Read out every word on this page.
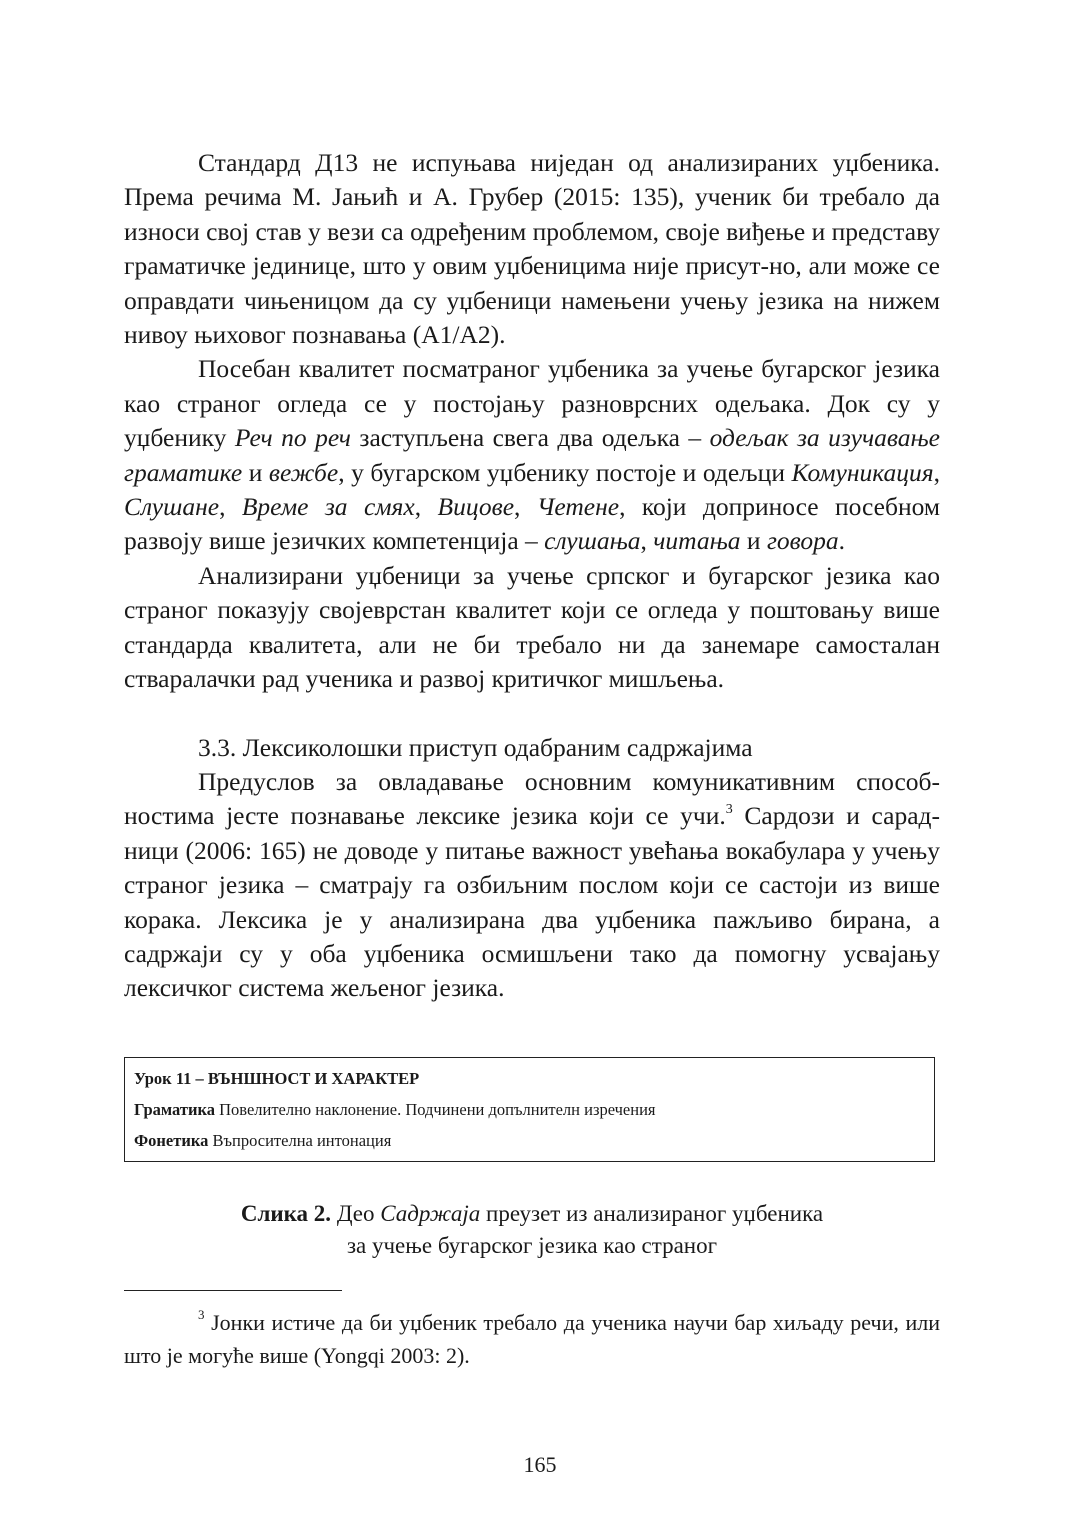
Стандард Д13 не испуњава ниједан од анализираних уџбеника. Према речима М. Јањић и А. Грубер (2015: 135), ученик би требало да износи свој став у вези са одређеним проблемом, своје виђење и представу граматичке јединице, што у овим уџбеницима није присут-но, али може се оправдати чињеницом да су уџбеници намењени учењу језика на нижем нивоу њиховог познавања (А1/А2).

Посебан квалитет посматраног уџбеника за учење бугарског језика као страног огледа се у постојању разноврсних одељака. Док су у уџбенику Реч по реч заступљена свега два одељка – одељак за изучавање граматике и вежбе, у бугарском уџбенику постоје и одељци Комуникация, Слушане, Време за смях, Вицове, Четене, који доприносе посебном развоју више језичких компетенција – слушања, читања и говора.

Анализирани уџбеници за учење српског и бугарског језика као страног показују својеврстан квалитет који се огледа у поштовању више стандарда квалитета, али не би требало ни да занемаре самосталан стваралачки рад ученика и развој критичког мишљења.

3.3. Лексиколошки приступ одабраним садржајима

Предуслов за овладавање основним комуникативним способ-ностима јесте познавање лексике језика који се учи.$^3$ Сардози и сарад-ници (2006: 165) не доводе у питање важност увећања вокабулара у учењу страног језика – сматрају га озбиљним послом који се састоји из више корака. Лексика је у анализирана два уџбеника пажљиво бирана, а садржаји су у оба уџбеника осмишљени тако да помогну усвајању лексичког система жељеног језика.

Урок 11 – ВЪНШНОСТ И ХАРАКТЕР
Граматика Повелително наклонение. Подчинени допълнителн изречения
Фонетика Въпросителна интонация
Слика 2. Део Садржаја преузет из анализираног уџбеника
за учење бугарског језика као страног

$^3$ Јонки истиче да би уџбеник требало да ученика научи бар хиљаду речи, или што је могуће више (Yongqi 2003: 2).

165
